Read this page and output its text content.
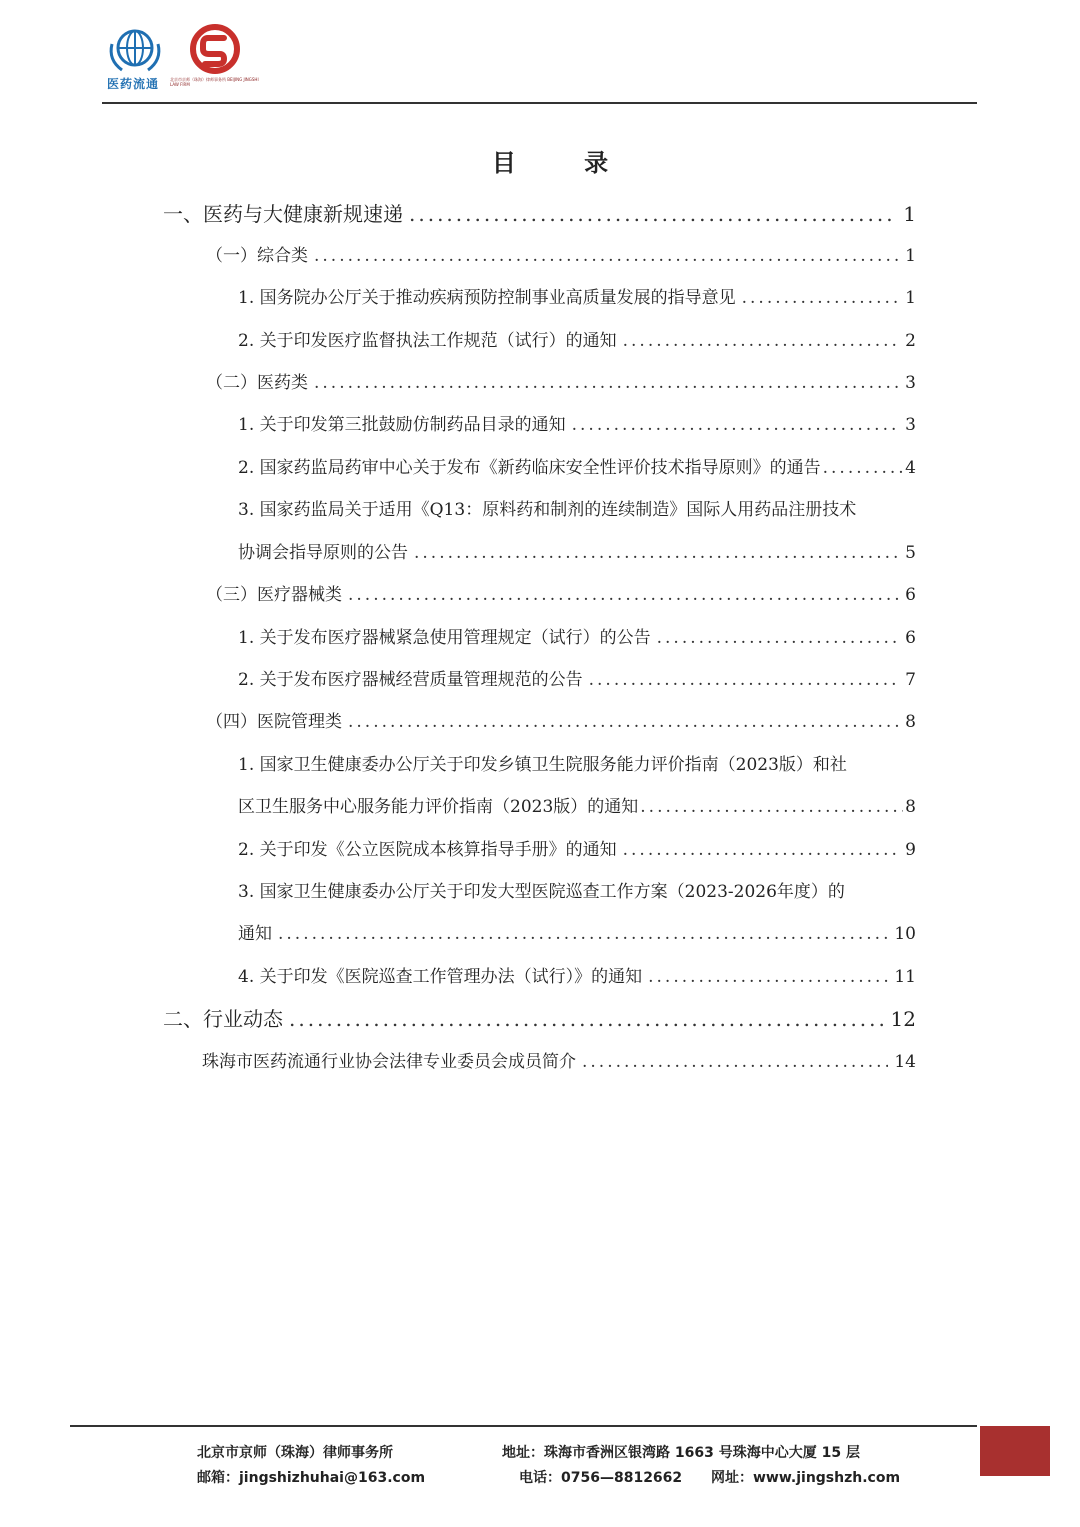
医药流通	北京市京师（珠海）律师事务所 BEIJING JINGSHI LAW FIRM
目 录
一、医药与大健康新规速递 .....	1
（一）综合类 .....	1
1. 国务院办公厅关于推动疾病预防控制事业高质量发展的指导意见 .....	1
2. 关于印发医疗监督执法工作规范（试行）的通知 .....	2
（二）医药类 .....	3
1. 关于印发第三批鼓励仿制药品目录的通知 .....	3
2. 国家药监局药审中心关于发布《新药临床安全性评价技术指导原则》的通告 .....	4
3. 国家药监局关于适用《Q13：原料药和制剂的连续制造》国际人用药品注册技术
协调会指导原则的公告 .....	5
（三）医疗器械类 .....	6
1. 关于发布医疗器械紧急使用管理规定（试行）的公告 .....	6
2. 关于发布医疗器械经营质量管理规范的公告 .....	7
（四）医院管理类 .....	8
1. 国家卫生健康委办公厅关于印发乡镇卫生院服务能力评价指南（2023版）和社
区卫生服务中心服务能力评价指南（2023版）的通知 .....	8
2. 关于印发《公立医院成本核算指导手册》的通知 .....	9
3. 国家卫生健康委办公厅关于印发大型医院巡查工作方案（2023-2026年度）的
通知 .....	10
4. 关于印发《医院巡查工作管理办法（试行）》的通知 .....	11
二、行业动态 .....	12
珠海市医药流通行业协会法律专业委员会成员简介 .....	14
北京市京师（珠海）律师事务所	地址：珠海市香洲区银湾路 1663 号珠海中心大厦 15 层
邮箱：jingshizhuhai@163.com	电话：0756—8812662 网址：www.jingshzh.com
